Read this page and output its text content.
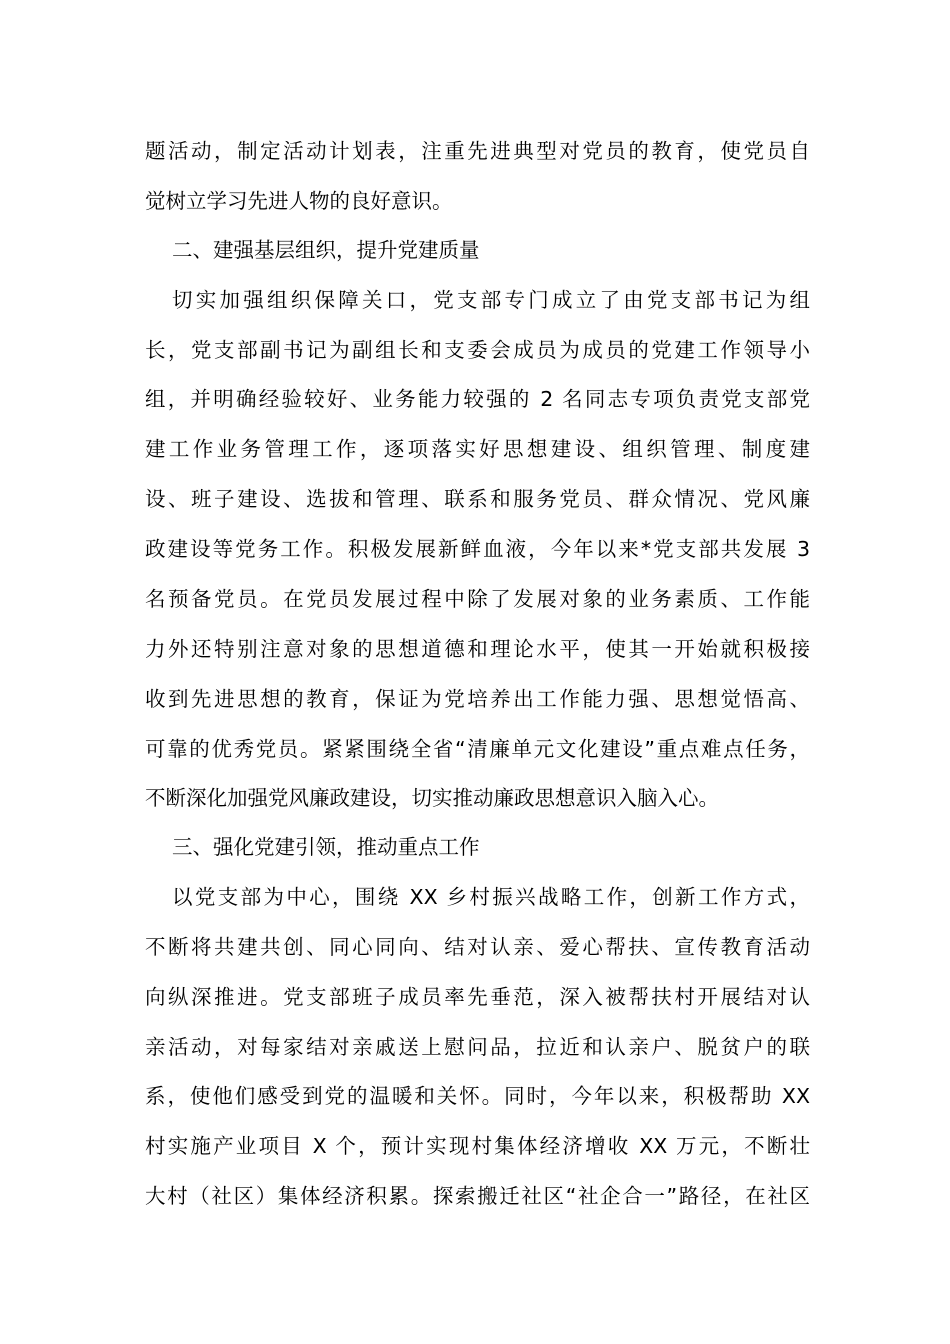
题活动，制定活动计划表，注重先进典型对党员的教育，使党员自
觉树立学习先进人物的良好意识。
二、建强基层组织，提升党建质量
切实加强组织保障关口，党支部专门成立了由党支部书记为组
长，党支部副书记为副组长和支委会成员为成员的党建工作领导小
组，并明确经验较好、业务能力较强的 2 名同志专项负责党支部党
建工作业务管理工作，逐项落实好思想建设、组织管理、制度建
设、班子建设、选拔和管理、联系和服务党员、群众情况、党风廉
政建设等党务工作。积极发展新鲜血液，今年以来*党支部共发展 3
名预备党员。在党员发展过程中除了发展对象的业务素质、工作能
力外还特别注意对象的思想道德和理论水平，使其一开始就积极接
收到先进思想的教育，保证为党培养出工作能力强、思想觉悟高、
可靠的优秀党员。紧紧围绕全省“清廉单元文化建设”重点难点任务，
不断深化加强党风廉政建设，切实推动廉政思想意识入脑入心。
三、强化党建引领，推动重点工作
以党支部为中心，围绕 XX 乡村振兴战略工作，创新工作方式，
不断将共建共创、同心同向、结对认亲、爱心帮扶、宣传教育活动
向纵深推进。党支部班子成员率先垂范，深入被帮扶村开展结对认
亲活动，对每家结对亲戚送上慰问品，拉近和认亲户、脱贫户的联
系，使他们感受到党的温暖和关怀。同时，今年以来，积极帮助 XX
村实施产业项目 X 个，预计实现村集体经济增收 XX 万元，不断壮
大村（社区）集体经济积累。探索搬迁社区“社企合一”路径，在社区
